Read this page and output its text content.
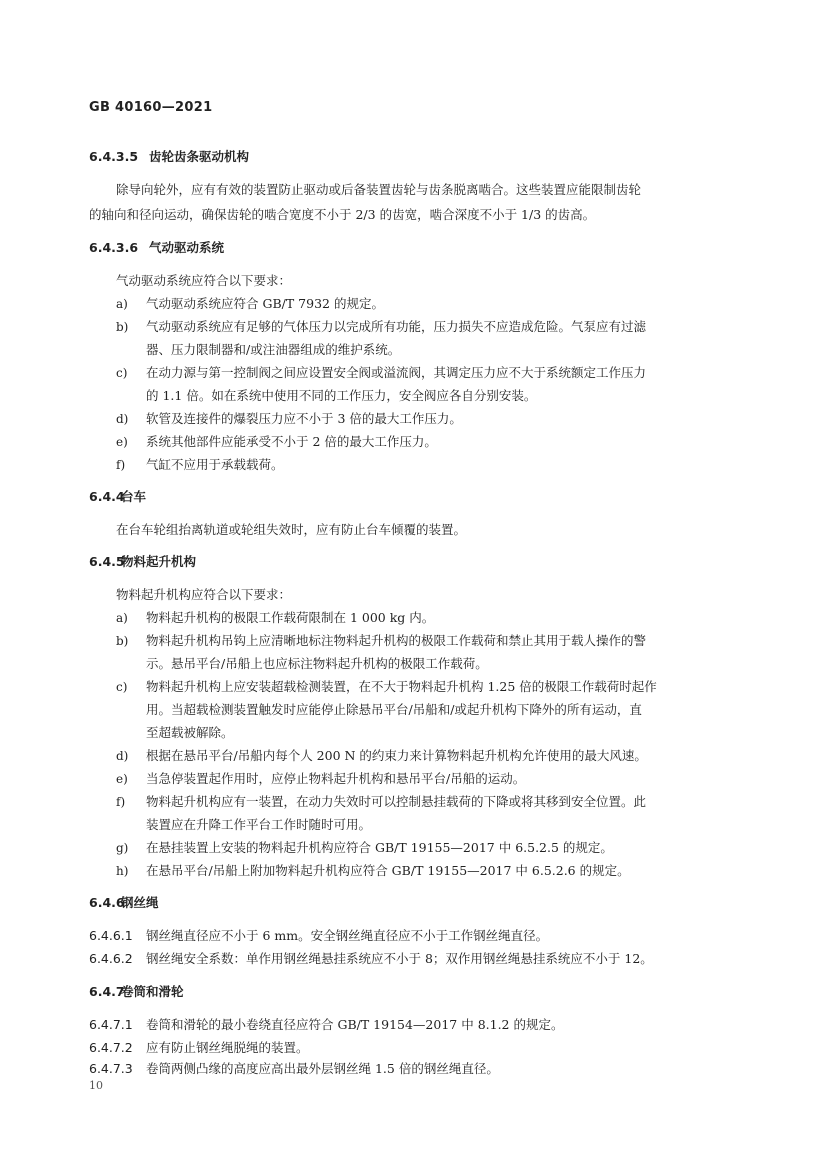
GB 40160—2021
6.4.3.5 齿轮齿条驱动机构
除导向轮外，应有有效的装置防止驱动或后备装置齿轮与齿条脱离啮合。这些装置应能限制齿轮
的轴向和径向运动，确保齿轮的啮合宽度不小于 2/3 的齿宽，啮合深度不小于 1/3 的齿高。
6.4.3.6 气动驱动系统
气动驱动系统应符合以下要求：
a) 气动驱动系统应符合 GB/T 7932 的规定。
b) 气动驱动系统应有足够的气体压力以完成所有功能，压力损失不应造成危险。气泵应有过滤
器、压力限制器和/或注油器组成的维护系统。
c) 在动力源与第一控制阀之间应设置安全阀或溢流阀，其调定压力应不大于系统额定工作压力
的 1.1 倍。如在系统中使用不同的工作压力，安全阀应各自分别安装。
d) 软管及连接件的爆裂压力应不小于 3 倍的最大工作压力。
e) 系统其他部件应能承受不小于 2 倍的最大工作压力。
f) 气缸不应用于承载载荷。
6.4.4台车
在台车轮组抬离轨道或轮组失效时，应有防止台车倾覆的装置。
6.4.5物料起升机构
物料起升机构应符合以下要求：
a) 物料起升机构的极限工作载荷限制在 1 000 kg 内。
b) 物料起升机构吊钩上应清晰地标注物料起升机构的极限工作载荷和禁止其用于载人操作的警
示。悬吊平台/吊船上也应标注物料起升机构的极限工作载荷。
c) 物料起升机构上应安装超载检测装置，在不大于物料起升机构 1.25 倍的极限工作载荷时起作
用。当超载检测装置触发时应能停止除悬吊平台/吊船和/或起升机构下降外的所有运动，直
至超载被解除。
d) 根据在悬吊平台/吊船内每个人 200 N 的约束力来计算物料起升机构允许使用的最大风速。
e) 当急停装置起作用时，应停止物料起升机构和悬吊平台/吊船的运动。
f) 物料起升机构应有一装置，在动力失效时可以控制悬挂载荷的下降或将其移到安全位置。此
装置应在升降工作平台工作时随时可用。
g) 在悬挂装置上安装的物料起升机构应符合 GB/T 19155—2017 中 6.5.2.5 的规定。
h) 在悬吊平台/吊船上附加物料起升机构应符合 GB/T 19155—2017 中 6.5.2.6 的规定。
6.4.6钢丝绳
6.4.6.1 钢丝绳直径应不小于 6 mm。安全钢丝绳直径应不小于工作钢丝绳直径。
6.4.6.2 钢丝绳安全系数：单作用钢丝绳悬挂系统应不小于 8；双作用钢丝绳悬挂系统应不小于 12。
6.4.7卷筒和滑轮
6.4.7.1 卷筒和滑轮的最小卷绕直径应符合 GB/T 19154—2017 中 8.1.2 的规定。
6.4.7.2 应有防止钢丝绳脱绳的装置。
6.4.7.3 卷筒两侧凸缘的高度应高出最外层钢丝绳 1.5 倍的钢丝绳直径。
10
